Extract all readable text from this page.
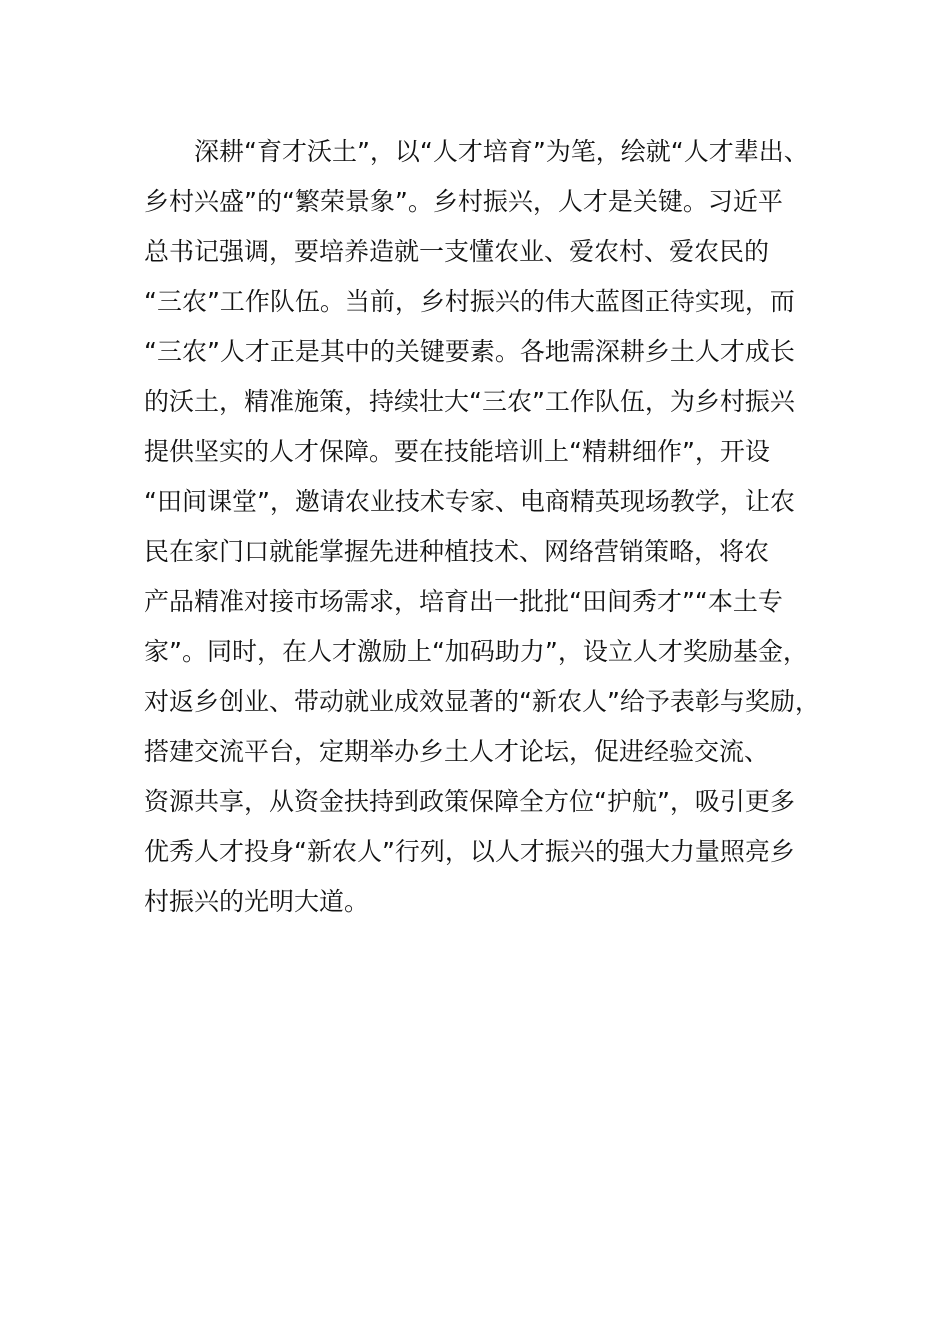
深耕“育才沃土”，以“人才培育”为笔，绘就“人才辈出、
乡村兴盛”的“繁荣景象”。乡村振兴，人才是关键。习近平
总书记强调，要培养造就一支懂农业、爱农村、爱农民的
“三农”工作队伍。当前，乡村振兴的伟大蓝图正待实现，而
“三农”人才正是其中的关键要素。各地需深耕乡土人才成长
的沃土，精准施策，持续壮大“三农”工作队伍，为乡村振兴
提供坚实的人才保障。要在技能培训上“精耕细作”，开设
“田间课堂”，邀请农业技术专家、电商精英现场教学，让农
民在家门口就能掌握先进种植技术、网络营销策略，将农
产品精准对接市场需求，培育出一批批“田间秀才”“本土专
家”。同时，在人才激励上“加码助力”，设立人才奖励基金，
对返乡创业、带动就业成效显著的“新农人”给予表彰与奖励，
搭建交流平台，定期举办乡土人才论坛，促进经验交流、
资源共享，从资金扶持到政策保障全方位“护航”，吸引更多
优秀人才投身“新农人”行列，以人才振兴的强大力量照亮乡
村振兴的光明大道。
